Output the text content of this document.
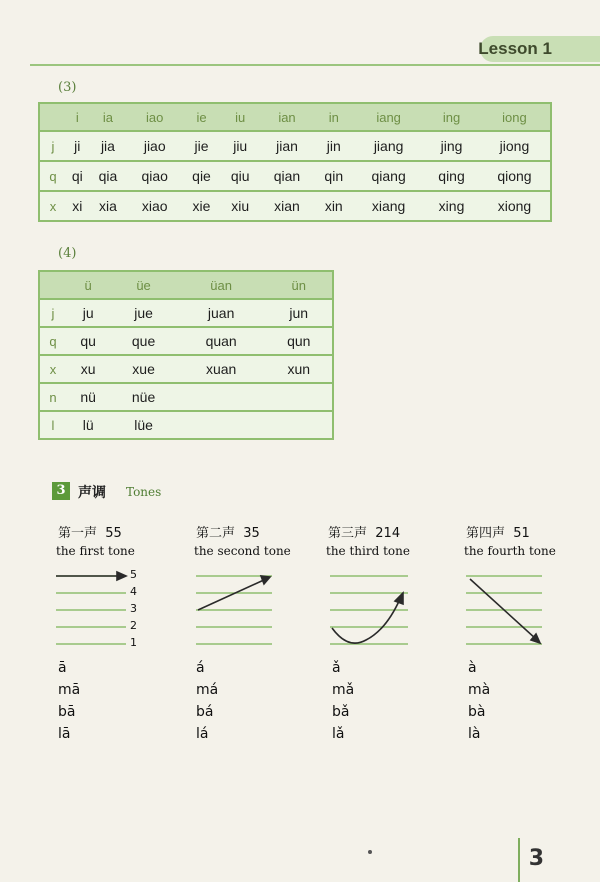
Lesson 1
(3)
	i	ia	iao	ie	iu	ian	in	iang	ing	iong
j	ji	jia	jiao	jie	jiu	jian	jin	jiang	jing	jiong
q	qi	qia	qiao	qie	qiu	qian	qin	qiang	qing	qiong
x	xi	xia	xiao	xie	xiu	xian	xin	xiang	xing	xiong
(4)
	ü	üe	üan	ün
j	ju	jue	juan	jun
q	qu	que	quan	qun
x	xu	xue	xuan	xun
n	nü	nüe		
l	lü	lüe		
3 声调 Tones
第一声 55
the first tone
第二声 35
the second tone
第三声 214
the third tone
第四声 51
the fourth tone
5
4
3
2
1
ā
mā
bā
lā
á
má
bá
lá
ǎ
mǎ
bǎ
lǎ
à
mà
bà
là
3
